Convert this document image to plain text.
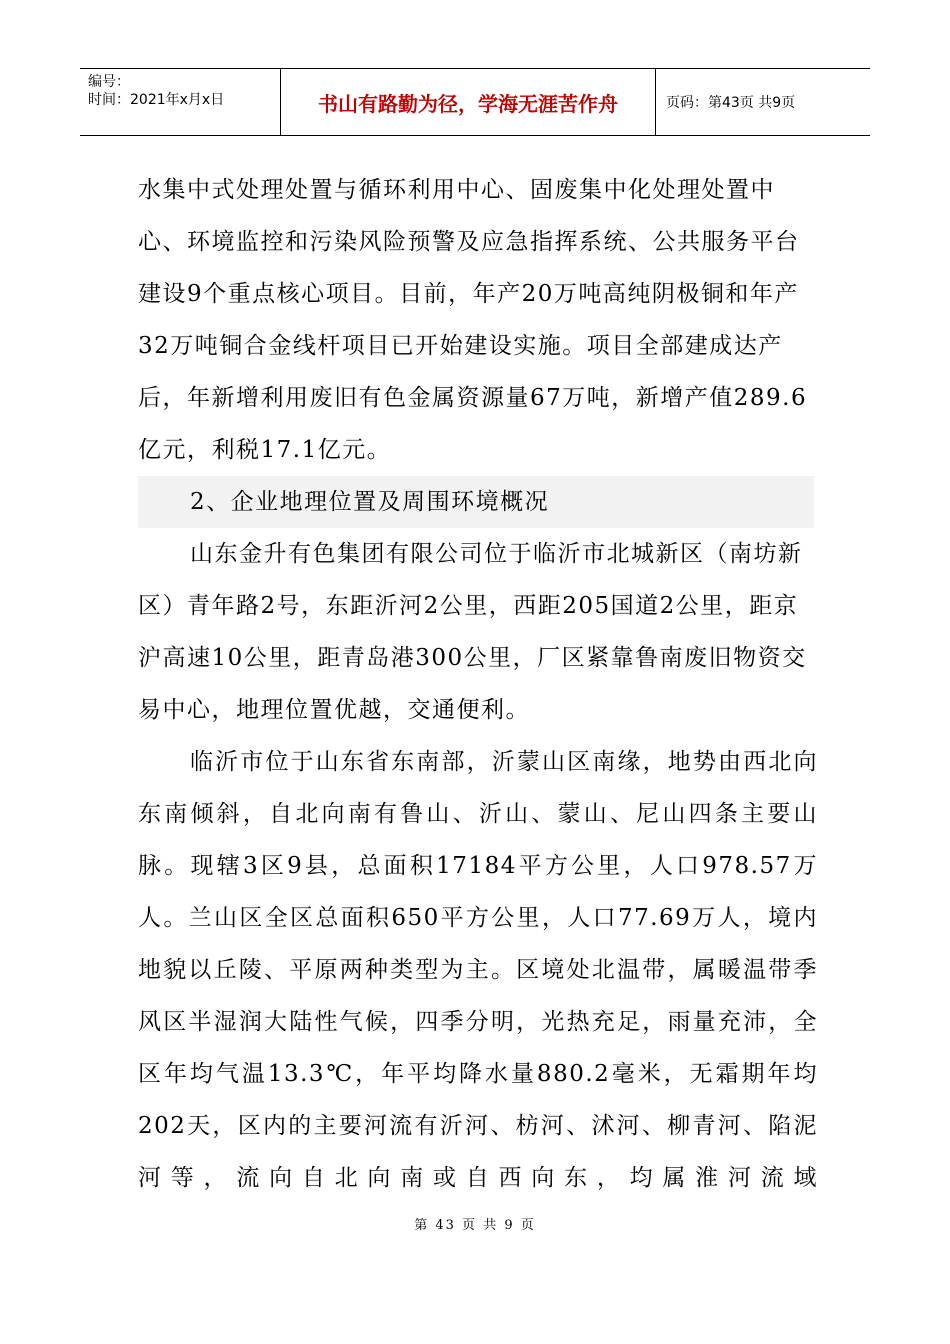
编号：
时间：2021年x月x日	书山有路勤为径，学海无涯苦作舟	页码：第43页 共9页

水集中式处理处置与循环利用中心、固废集中化处理处置中心、环境监控和污染风险预警及应急指挥系统、公共服务平台建设9个重点核心项目。目前，年产20万吨高纯阴极铜和年产32万吨铜合金线杆项目已开始建设实施。项目全部建成达产后，年新增利用废旧有色金属资源量67万吨，新增产值289.6亿元，利税17.1亿元。

2、企业地理位置及周围环境概况

山东金升有色集团有限公司位于临沂市北城新区（南坊新区）青年路2号，东距沂河2公里，西距205国道2公里，距京沪高速10公里，距青岛港300公里，厂区紧靠鲁南废旧物资交易中心，地理位置优越，交通便利。

临沂市位于山东省东南部，沂蒙山区南缘，地势由西北向东南倾斜，自北向南有鲁山、沂山、蒙山、尼山四条主要山脉。现辖3区9县，总面积17184平方公里，人口978.57万人。兰山区全区总面积650平方公里，人口77.69万人，境内地貌以丘陵、平原两种类型为主。区境处北温带，属暖温带季风区半湿润大陆性气候，四季分明，光热充足，雨量充沛，全区年均气温13.3℃，年平均降水量880.2毫米，无霜期年均202天，区内的主要河流有沂河、枋河、沭河、柳青河、陷泥河等，流向自北向南或自西向东，均属淮河流域

第 43 页 共 9 页
